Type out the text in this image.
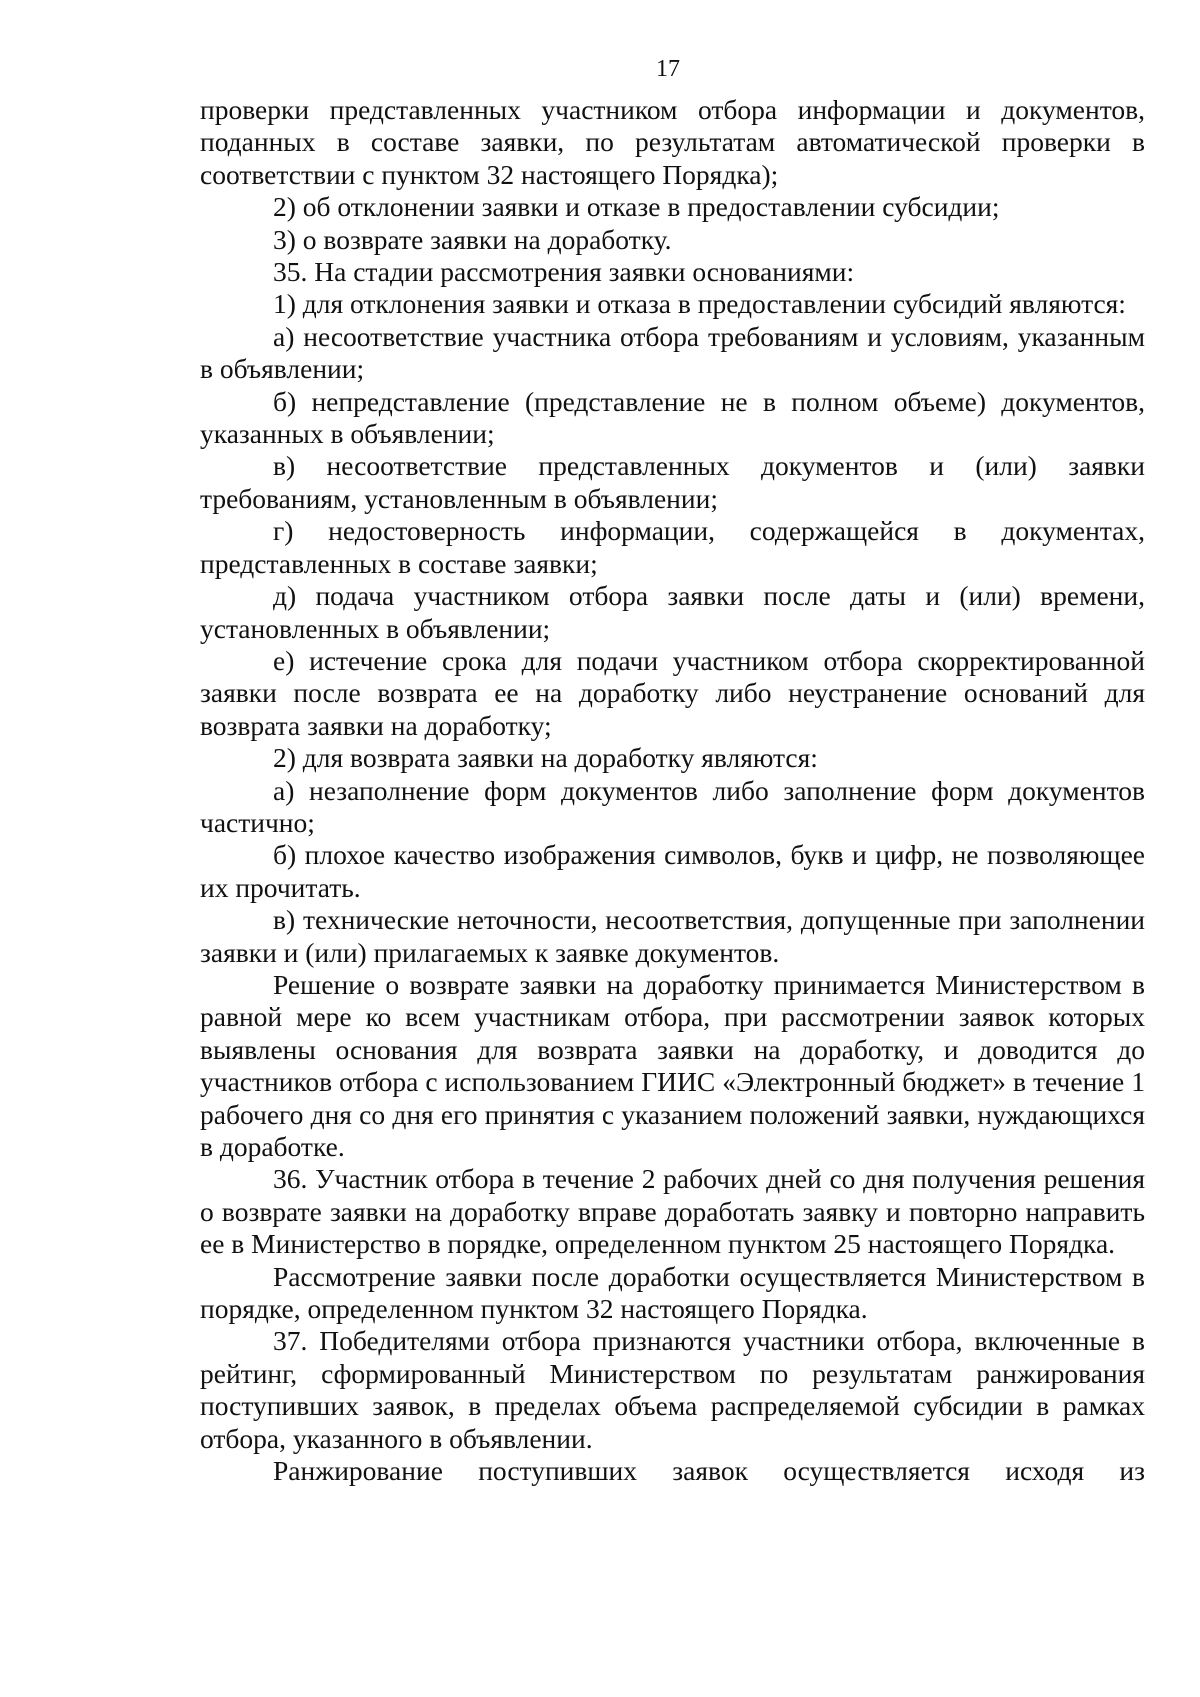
17

проверки представленных участником отбора информации и документов, поданных в составе заявки, по результатам автоматической проверки в соответствии с пунктом 32 настоящего Порядка);

2) об отклонении заявки и отказе в предоставлении субсидии;

3) о возврате заявки на доработку.

35. На стадии рассмотрения заявки основаниями:

1) для отклонения заявки и отказа в предоставлении субсидий являются:

а) несоответствие участника отбора требованиям и условиям, указанным в объявлении;

б) непредставление (представление не в полном объеме) документов, указанных в объявлении;

в) несоответствие представленных документов и (или) заявки требованиям, установленным в объявлении;

г) недостоверность информации, содержащейся в документах, представленных в составе заявки;

д) подача участником отбора заявки после даты и (или) времени, установленных в объявлении;

е) истечение срока для подачи участником отбора скорректированной заявки после возврата ее на доработку либо неустранение оснований для возврата заявки на доработку;

2) для возврата заявки на доработку являются:

а) незаполнение форм документов либо заполнение форм документов частично;

б) плохое качество изображения символов, букв и цифр, не позволяющее их прочитать.

в) технические неточности, несоответствия, допущенные при заполнении заявки и (или) прилагаемых к заявке документов.

Решение о возврате заявки на доработку принимается Министерством в равной мере ко всем участникам отбора, при рассмотрении заявок которых выявлены основания для возврата заявки на доработку, и доводится до участников отбора с использованием ГИИС «Электронный бюджет» в течение 1 рабочего дня со дня его принятия с указанием положений заявки, нуждающихся в доработке.

36. Участник отбора в течение 2 рабочих дней со дня получения решения о возврате заявки на доработку вправе доработать заявку и повторно направить ее в Министерство в порядке, определенном пунктом 25 настоящего Порядка.

Рассмотрение заявки после доработки осуществляется Министерством в порядке, определенном пунктом 32 настоящего Порядка.

37. Победителями отбора признаются участники отбора, включенные в рейтинг, сформированный Министерством по результатам ранжирования поступивших заявок, в пределах объема распределяемой субсидии в рамках отбора, указанного в объявлении.

Ранжирование поступивших заявок осуществляется исходя из
